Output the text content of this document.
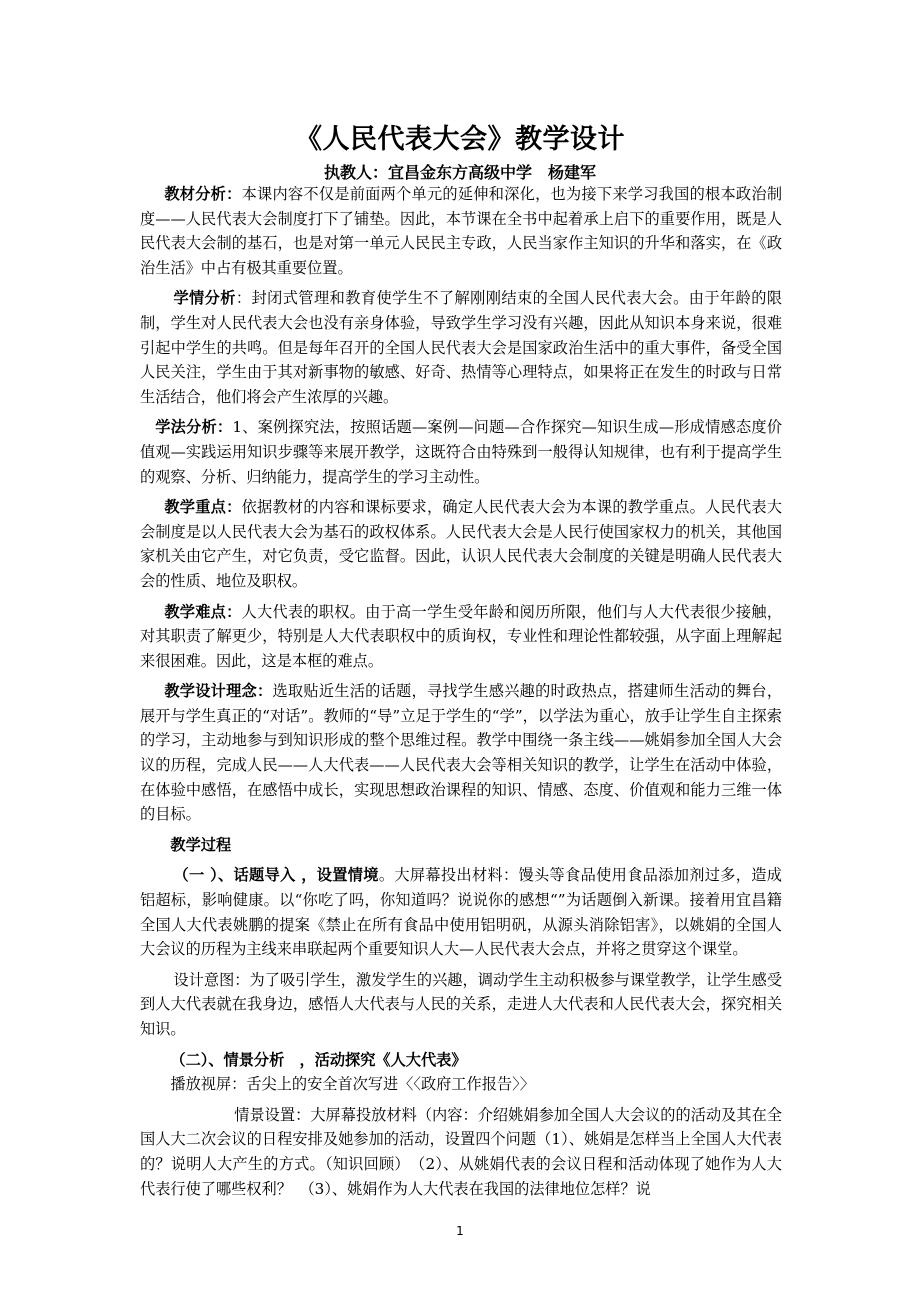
《人民代表大会》教学设计
执教人：宜昌金东方高级中学　杨建军

教材分析：本课内容不仅是前面两个单元的延伸和深化，也为接下来学习我国的根本政治制度——人民代表大会制度打下了铺垫。因此，本节课在全书中起着承上启下的重要作用，既是人民代表大会制的基石，也是对第一单元人民民主专政，人民当家作主知识的升华和落实，在《政治生活》中占有极其重要位置。

学情分析：封闭式管理和教育使学生不了解刚刚结束的全国人民代表大会。由于年龄的限制，学生对人民代表大会也没有亲身体验，导致学生学习没有兴趣，因此从知识本身来说，很难引起中学生的共鸣。但是每年召开的全国人民代表大会是国家政治生活中的重大事件，备受全国人民关注，学生由于其对新事物的敏感、好奇、热情等心理特点，如果将正在发生的时政与日常生活结合，他们将会产生浓厚的兴趣。

学法分析：1、案例探究法，按照话题—案例—问题—合作探究—知识生成—形成情感态度价值观—实践运用知识步骤等来展开教学，这既符合由特殊到一般得认知规律，也有利于提高学生的观察、分析、归纳能力，提高学生的学习主动性。

教学重点：依据教材的内容和课标要求，确定人民代表大会为本课的教学重点。人民代表大会制度是以人民代表大会为基石的政权体系。人民代表大会是人民行使国家权力的机关，其他国家机关由它产生，对它负责，受它监督。因此，认识人民代表大会制度的关键是明确人民代表大会的性质、地位及职权。

教学难点：人大代表的职权。由于高一学生受年龄和阅历所限，他们与人大代表很少接触，对其职责了解更少，特别是人大代表职权中的质询权，专业性和理论性都较强，从字面上理解起来很困难。因此，这是本框的难点。

教学设计理念：选取贴近生活的话题，寻找学生感兴趣的时政热点，搭建师生活动的舞台，展开与学生真正的“对话”。教师的“导”立足于学生的“学”，以学法为重心，放手让学生自主探索的学习，主动地参与到知识形成的整个思维过程。教学中围绕一条主线——姚娟参加全国人大会议的历程，完成人民——人大代表——人民代表大会等相关知识的教学，让学生在活动中体验，在体验中感悟，在感悟中成长，实现思想政治课程的知识、情感、态度、价值观和能力三维一体的目标。

教学过程

（一 ）、话题导入 ，设置情境。大屏幕投出材料：馒头等食品使用食品添加剂过多，造成铝超标，影响健康。以“你吃了吗，你知道吗？说说你的感想“”为话题倒入新课。接着用宜昌籍全国人大代表姚鹏的提案《禁止在所有食品中使用铝明矾，从源头消除铝害》，以姚娟的全国人大会议的历程为主线来串联起两个重要知识人大—人民代表大会点，并将之贯穿这个课堂。

设计意图：为了吸引学生，激发学生的兴趣，调动学生主动积极参与课堂教学，让学生感受到人大代表就在我身边，感悟人大代表与人民的关系，走进人大代表和人民代表大会，探究相关知识。

（二）、情景分析　，活动探究《人大代表》

播放视屏：舌尖上的安全首次写进〈〈政府工作报告〉〉

情景设置：大屏幕投放材料（内容：介绍姚娟参加全国人大会议的的活动及其在全国人大二次会议的日程安排及她参加的活动，设置四个问题（1）、姚娟是怎样当上全国人大代表的？说明人大产生的方式。（知识回顾）　（2）、从姚娟代表的会议日程和活动体现了她作为人大代表行使了哪些权利？　（3）、姚娟作为人大代表在我国的法律地位怎样？说

1
